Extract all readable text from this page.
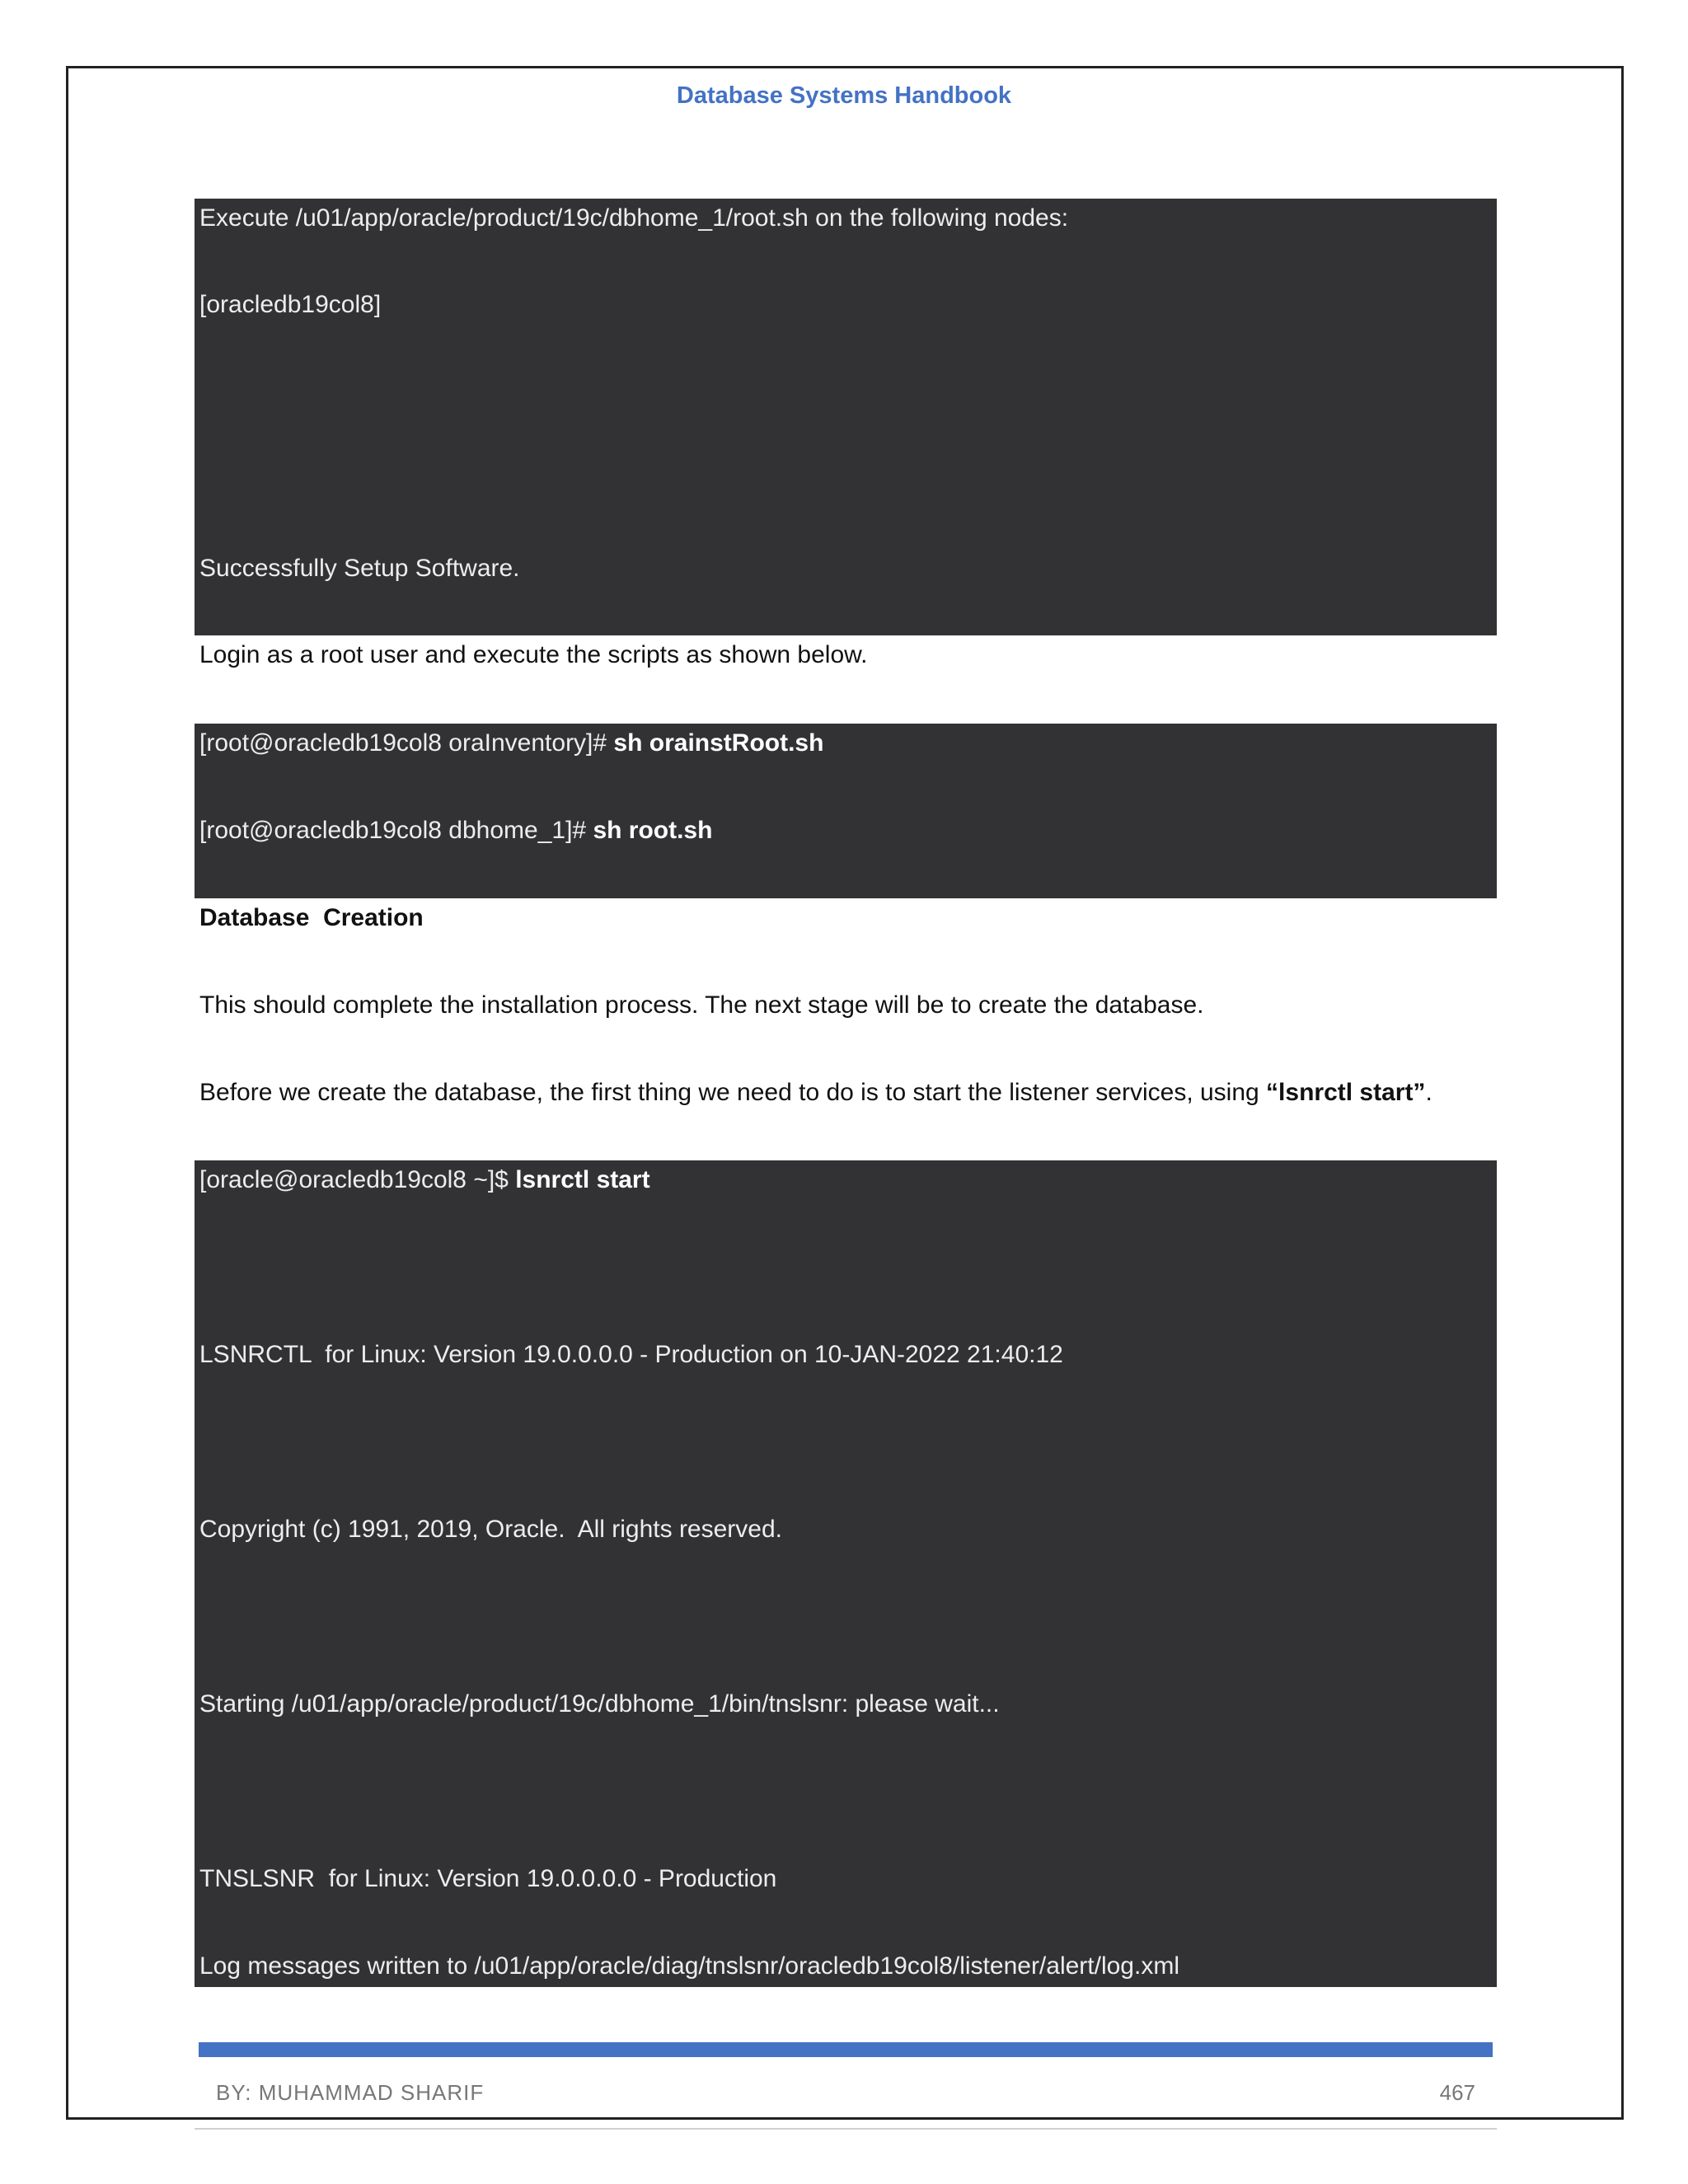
Database Systems Handbook
Execute /u01/app/oracle/product/19c/dbhome_1/root.sh on the following nodes:
[oracledb19col8]
Successfully Setup Software.
Login as a root user and execute the scripts as shown below.
[root@oracledb19col8 oraInventory]# sh orainstRoot.sh
[root@oracledb19col8 dbhome_1]# sh root.sh
Database  Creation
This should complete the installation process. The next stage will be to create the database.
Before we create the database, the first thing we need to do is to start the listener services, using “lsnrctl start”.
[oracle@oracledb19col8 ~]$ lsnrctl start
LSNRCTL  for Linux: Version 19.0.0.0.0 - Production on 10-JAN-2022 21:40:12
Copyright (c) 1991, 2019, Oracle.  All rights reserved.
Starting /u01/app/oracle/product/19c/dbhome_1/bin/tnslsnr: please wait...
TNSLSNR  for Linux: Version 19.0.0.0.0 - Production
Log messages written to /u01/app/oracle/diag/tnslsnr/oracledb19col8/listener/alert/log.xml
BY: MUHAMMAD SHARIF	467
